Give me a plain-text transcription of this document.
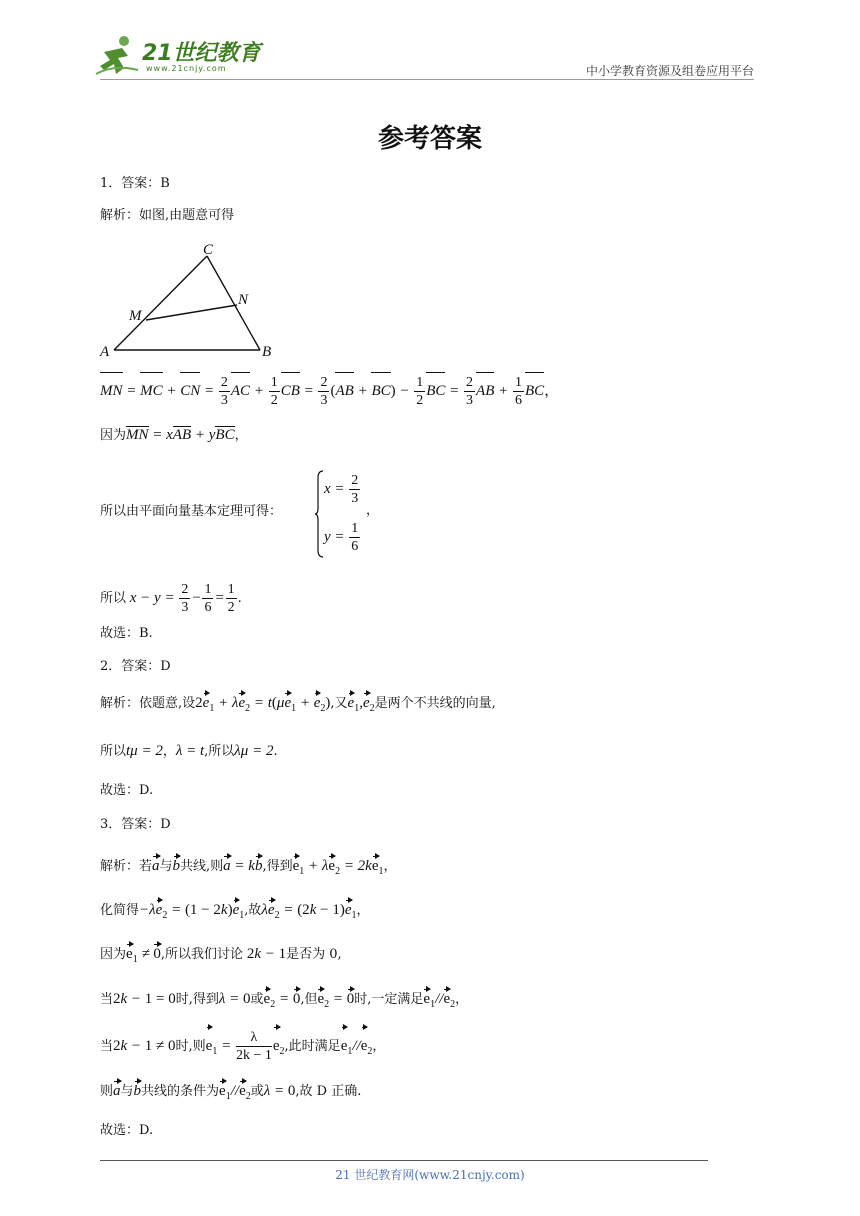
21世纪教育
www.21cnjy.com	中小学教育资源及组卷应用平台
参考答案
1．答案：B
解析：如图,由题意可得
C
N
M
A	B
MN = MC + CN = $\frac{2}{3}$ AC + $\frac{1}{2}$ CB = $\frac{2}{3} (AB + BC) - \frac{1}{2}$ BC = $\frac{2}{3}$ AB + $\frac{1}{6}$ BC，
因为MN = xAB + yBC，
所以由平面向量基本定理可得：
$x = \frac{2}{3}$
$y = \frac{1}{6}$
，
所以 $x - y = \frac{2}{3} - \frac{1}{6} = \frac{1}{2}$ .
故选：B.
2．答案：D
解析：依题意,设$2e_1 + \lambda e_2 = t(\mu e_1 + e_2)$,又$e_1,e_2$是两个不共线的向量,
所以tμ = 2，λ = t,所以λμ = 2.
故选：D.
3．答案：D
解析：若a与b共线,则a = kb,得到$e_1 + \lambda e_2 = 2ke_1$，
化简得$-\lambda e_2 = (1 - 2k)e_1$,故$\lambda e_2 = (2k - 1)e_1$，
因为$e_1 \ne 0$,所以我们讨论 2k − 1是否为 0,
当2k − 1 = 0时,得到λ = 0或$e_2 = 0$,但$e_2 = 0$时,一定满足$e_1//e_2$，
当2k − 1 ≠ 0时,则$e_1 = \frac{\lambda}{2k - 1} e_2$,此时满足$e_1//e_2$，
则a与b共线的条件为$e_1//e_2$或λ = 0,故 D 正确.
故选：D.
21 世纪教育网(www.21cnjy.com)
